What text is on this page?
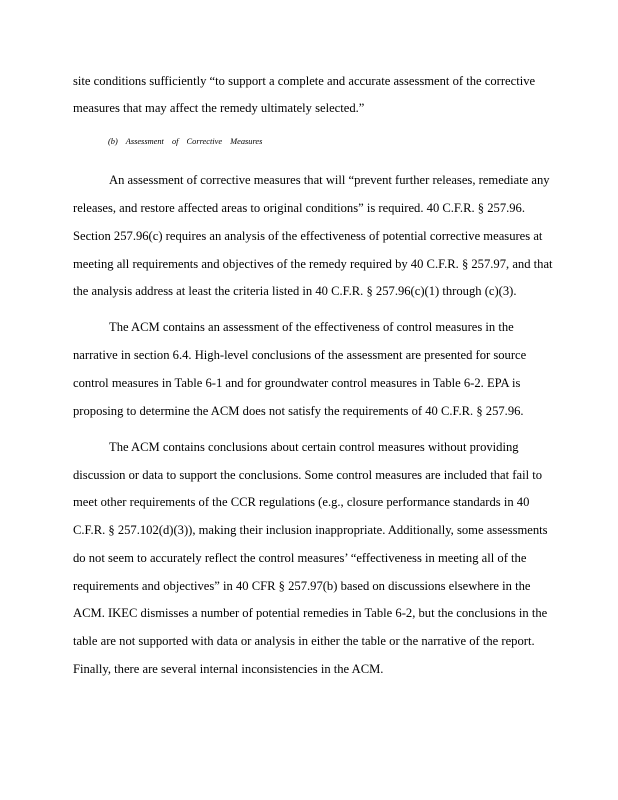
site conditions sufficiently “to support a complete and accurate assessment of the corrective
measures that may affect the remedy ultimately selected.”
(b) Assessment of Corrective Measures
An assessment of corrective measures that will “prevent further releases, remediate any
releases, and restore affected areas to original conditions” is required. 40 C.F.R. § 257.96.
Section 257.96(c) requires an analysis of the effectiveness of potential corrective measures at
meeting all requirements and objectives of the remedy required by 40 C.F.R. § 257.97, and that
the analysis address at least the criteria listed in 40 C.F.R. § 257.96(c)(1) through (c)(3).
The ACM contains an assessment of the effectiveness of control measures in the
narrative in section 6.4. High-level conclusions of the assessment are presented for source
control measures in Table 6-1 and for groundwater control measures in Table 6-2. EPA is
proposing to determine the ACM does not satisfy the requirements of 40 C.F.R. § 257.96.
The ACM contains conclusions about certain control measures without providing
discussion or data to support the conclusions. Some control measures are included that fail to
meet other requirements of the CCR regulations (e.g., closure performance standards in 40
C.F.R. § 257.102(d)(3)), making their inclusion inappropriate. Additionally, some assessments
do not seem to accurately reflect the control measures’ “effectiveness in meeting all of the
requirements and objectives” in 40 CFR § 257.97(b) based on discussions elsewhere in the
ACM. IKEC dismisses a number of potential remedies in Table 6-2, but the conclusions in the
table are not supported with data or analysis in either the table or the narrative of the report.
Finally, there are several internal inconsistencies in the ACM.
